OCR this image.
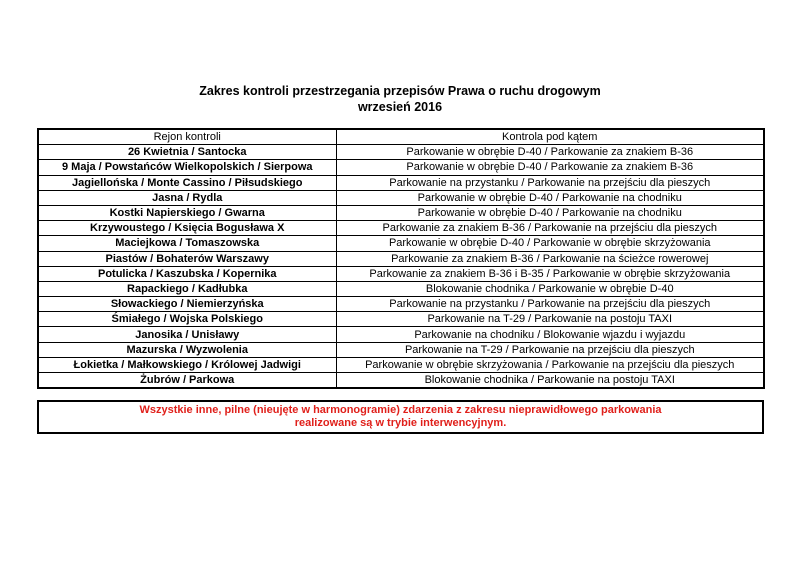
Zakres kontroli przestrzegania przepisów Prawa o ruchu drogowym
wrzesień 2016
Rejon kontroli	Kontrola pod kątem
26 Kwietnia / Santocka	Parkowanie w obrębie D-40 / Parkowanie za znakiem B-36
9 Maja / Powstańców Wielkopolskich / Sierpowa	Parkowanie w obrębie D-40 / Parkowanie za znakiem B-36
Jagiellońska / Monte Cassino / Piłsudskiego	Parkowanie na przystanku / Parkowanie na przejściu dla pieszych
Jasna / Rydla	Parkowanie w obrębie D-40 / Parkowanie na chodniku
Kostki Napierskiego / Gwarna	Parkowanie w obrębie D-40 / Parkowanie na chodniku
Krzywoustego / Księcia Bogusława X	Parkowanie za znakiem B-36 / Parkowanie na przejściu dla pieszych
Maciejkowa / Tomaszowska	Parkowanie w obrębie D-40 / Parkowanie w obrębie skrzyżowania
Piastów / Bohaterów Warszawy	Parkowanie za znakiem B-36 / Parkowanie na ścieżce rowerowej
Potulicka / Kaszubska / Kopernika	Parkowanie za znakiem B-36 i B-35 / Parkowanie w obrębie skrzyżowania
Rapackiego / Kadłubka	Blokowanie chodnika / Parkowanie w obrębie D-40
Słowackiego / Niemierzyńska	Parkowanie na przystanku / Parkowanie na przejściu dla pieszych
Śmiałego / Wojska Polskiego	Parkowanie na T-29 / Parkowanie na postoju TAXI
Janosika / Unisławy	Parkowanie na chodniku / Blokowanie wjazdu i wyjazdu
Mazurska / Wyzwolenia	Parkowanie na T-29 / Parkowanie na przejściu dla pieszych
Łokietka / Małkowskiego / Królowej Jadwigi	Parkowanie w obrębie skrzyżowania / Parkowanie na przejściu dla pieszych
Żubrów / Parkowa	Blokowanie chodnika / Parkowanie na postoju TAXI
Wszystkie inne, pilne (nieujęte w harmonogramie) zdarzenia z zakresu nieprawidłowego parkowania
realizowane są w trybie interwencyjnym.
